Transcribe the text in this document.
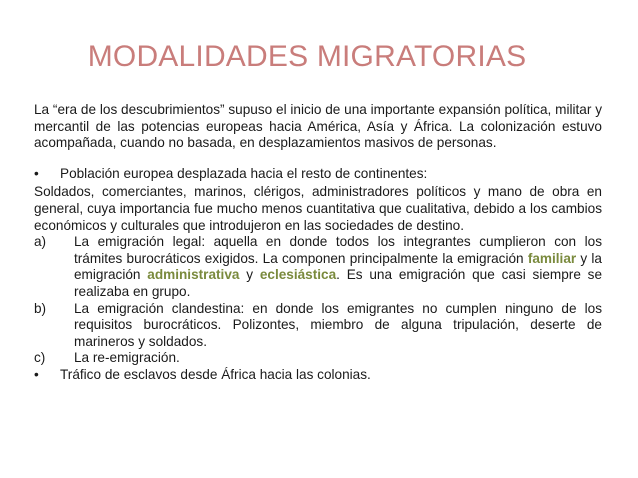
MODALIDADES MIGRATORIAS

La “era de los descubrimientos” supuso el inicio de una importante expansión política, militar y mercantil de las potencias europeas hacia América, Asía y África. La colonización estuvo acompañada, cuando no basada, en desplazamientos masivos de personas.

•	Población europea desplazada hacia el resto de continentes:

Soldados, comerciantes, marinos, clérigos, administradores políticos y mano de obra en general, cuya importancia fue mucho menos cuantitativa que cualitativa, debido a los cambios económicos y culturales que introdujeron en las sociedades de destino.

a)	La emigración legal: aquella en donde todos los integrantes cumplieron con los trámites burocráticos exigidos. La componen principalmente la emigración familiar y la emigración administrativa y eclesiástica. Es una emigración que casi siempre se realizaba en grupo.
b)	La emigración clandestina: en donde los emigrantes no cumplen ninguno de los requisitos burocráticos. Polizontes, miembro de alguna tripulación, deserte de marineros y soldados.
c)	La re-emigración.
•	Tráfico de esclavos desde África hacia las colonias.
